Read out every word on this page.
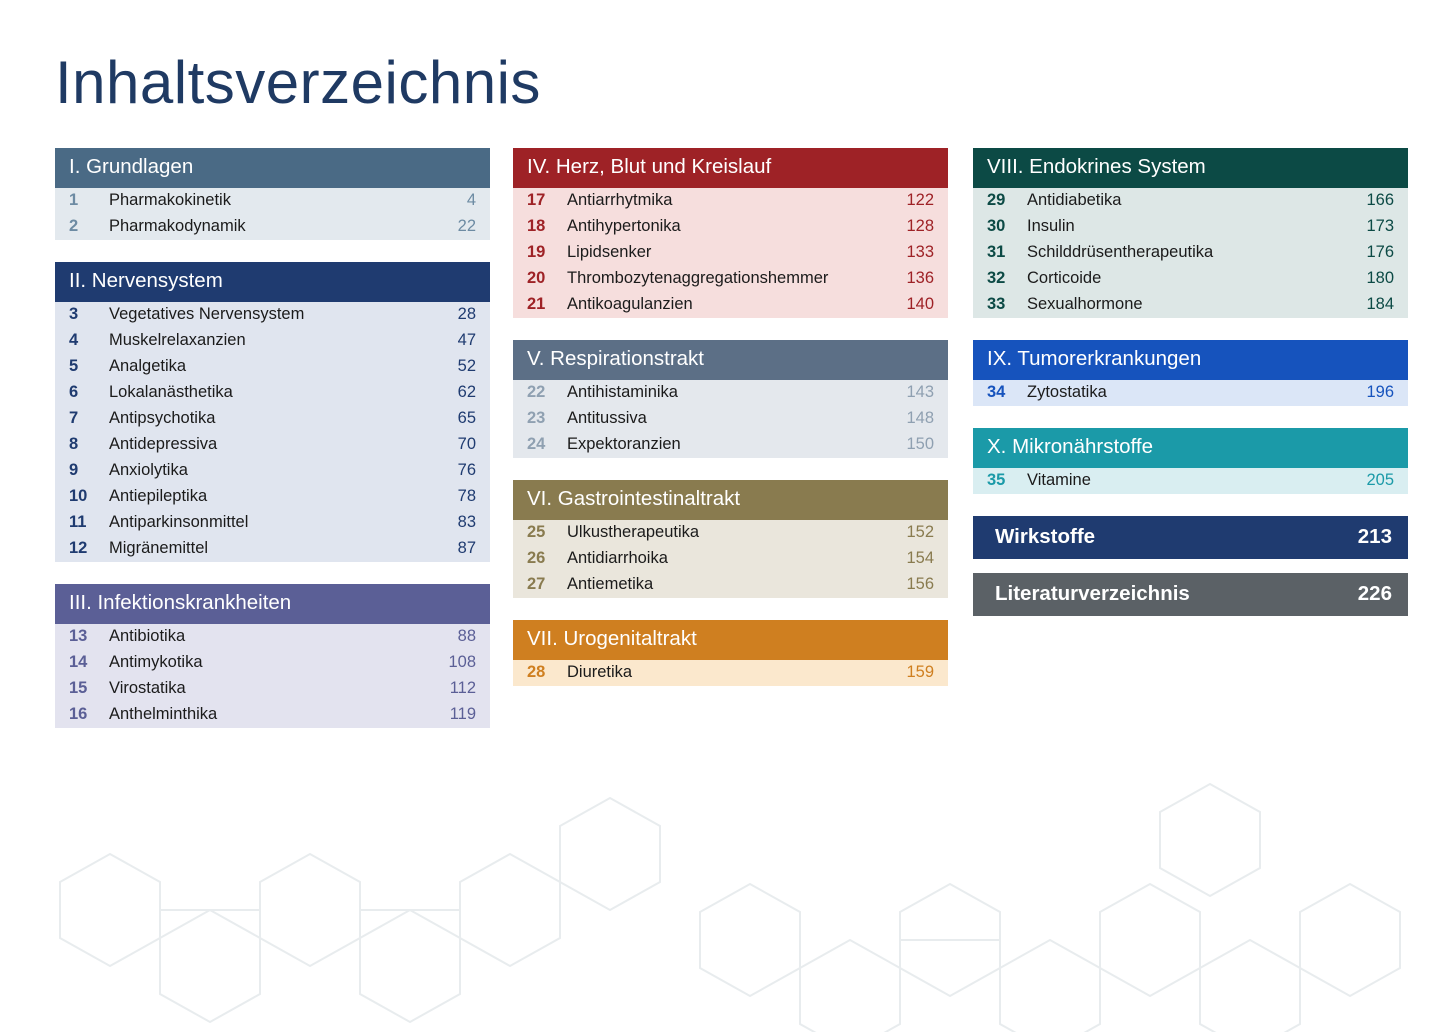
Inhaltsverzeichnis
I. Grundlagen
1	Pharmakokinetik	4
2	Pharmakodynamik	22
II. Nervensystem
3	Vegetatives Nervensystem	28
4	Muskelrelaxanzien	47
5	Analgetika	52
6	Lokalanästhetika	62
7	Antipsychotika	65
8	Antidepressiva	70
9	Anxiolytika	76
10	Antiepileptika	78
11	Antiparkinsonmittel	83
12	Migränemittel	87
III. Infektionskrankheiten
13	Antibiotika	88
14	Antimykotika	108
15	Virostatika	112
16	Anthelminthika	119
IV. Herz, Blut und Kreislauf
17	Antiarrhytmika	122
18	Antihypertonika	128
19	Lipidsenker	133
20	Thrombozytenaggregationshemmer	136
21	Antikoagulanzien	140
V. Respirationstrakt
22	Antihistaminika	143
23	Antitussiva	148
24	Expektoranzien	150
VI. Gastrointestinaltrakt
25	Ulkustherapeutika	152
26	Antidiarrhoika	154
27	Antiemetika	156
VII. Urogenitaltrakt
28	Diuretika	159
VIII. Endokrines System
29	Antidiabetika	166
30	Insulin	173
31	Schilddrüsentherapeutika	176
32	Corticoide	180
33	Sexualhormone	184
IX. Tumorerkrankungen
34	Zytostatika	196
X. Mikronährstoffe
35	Vitamine	205
Wirkstoffe	213
Literaturverzeichnis	226
